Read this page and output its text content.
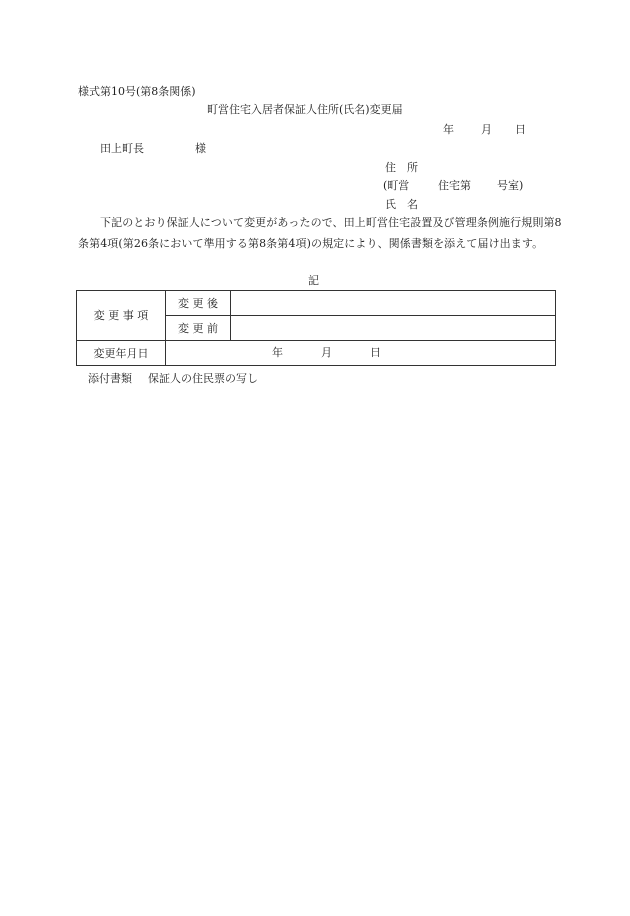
様式第10号(第8条関係)
町営住宅入居者保証人住所(氏名)変更届
年 月 日
田上町長	様
住　所
(町営	住宅第 号室)
氏　名
下記のとおり保証人について変更があったので、田上町営住宅設置及び管理条例施行規則第8条第4項(第26条において準用する第8条第4項)の規定により、関係書類を添えて届け出ます。
記
変 更 事 項	変 更 後	
	変 更 前	
変更年月日	年 月 日	
添付書類 保証人の住民票の写し
